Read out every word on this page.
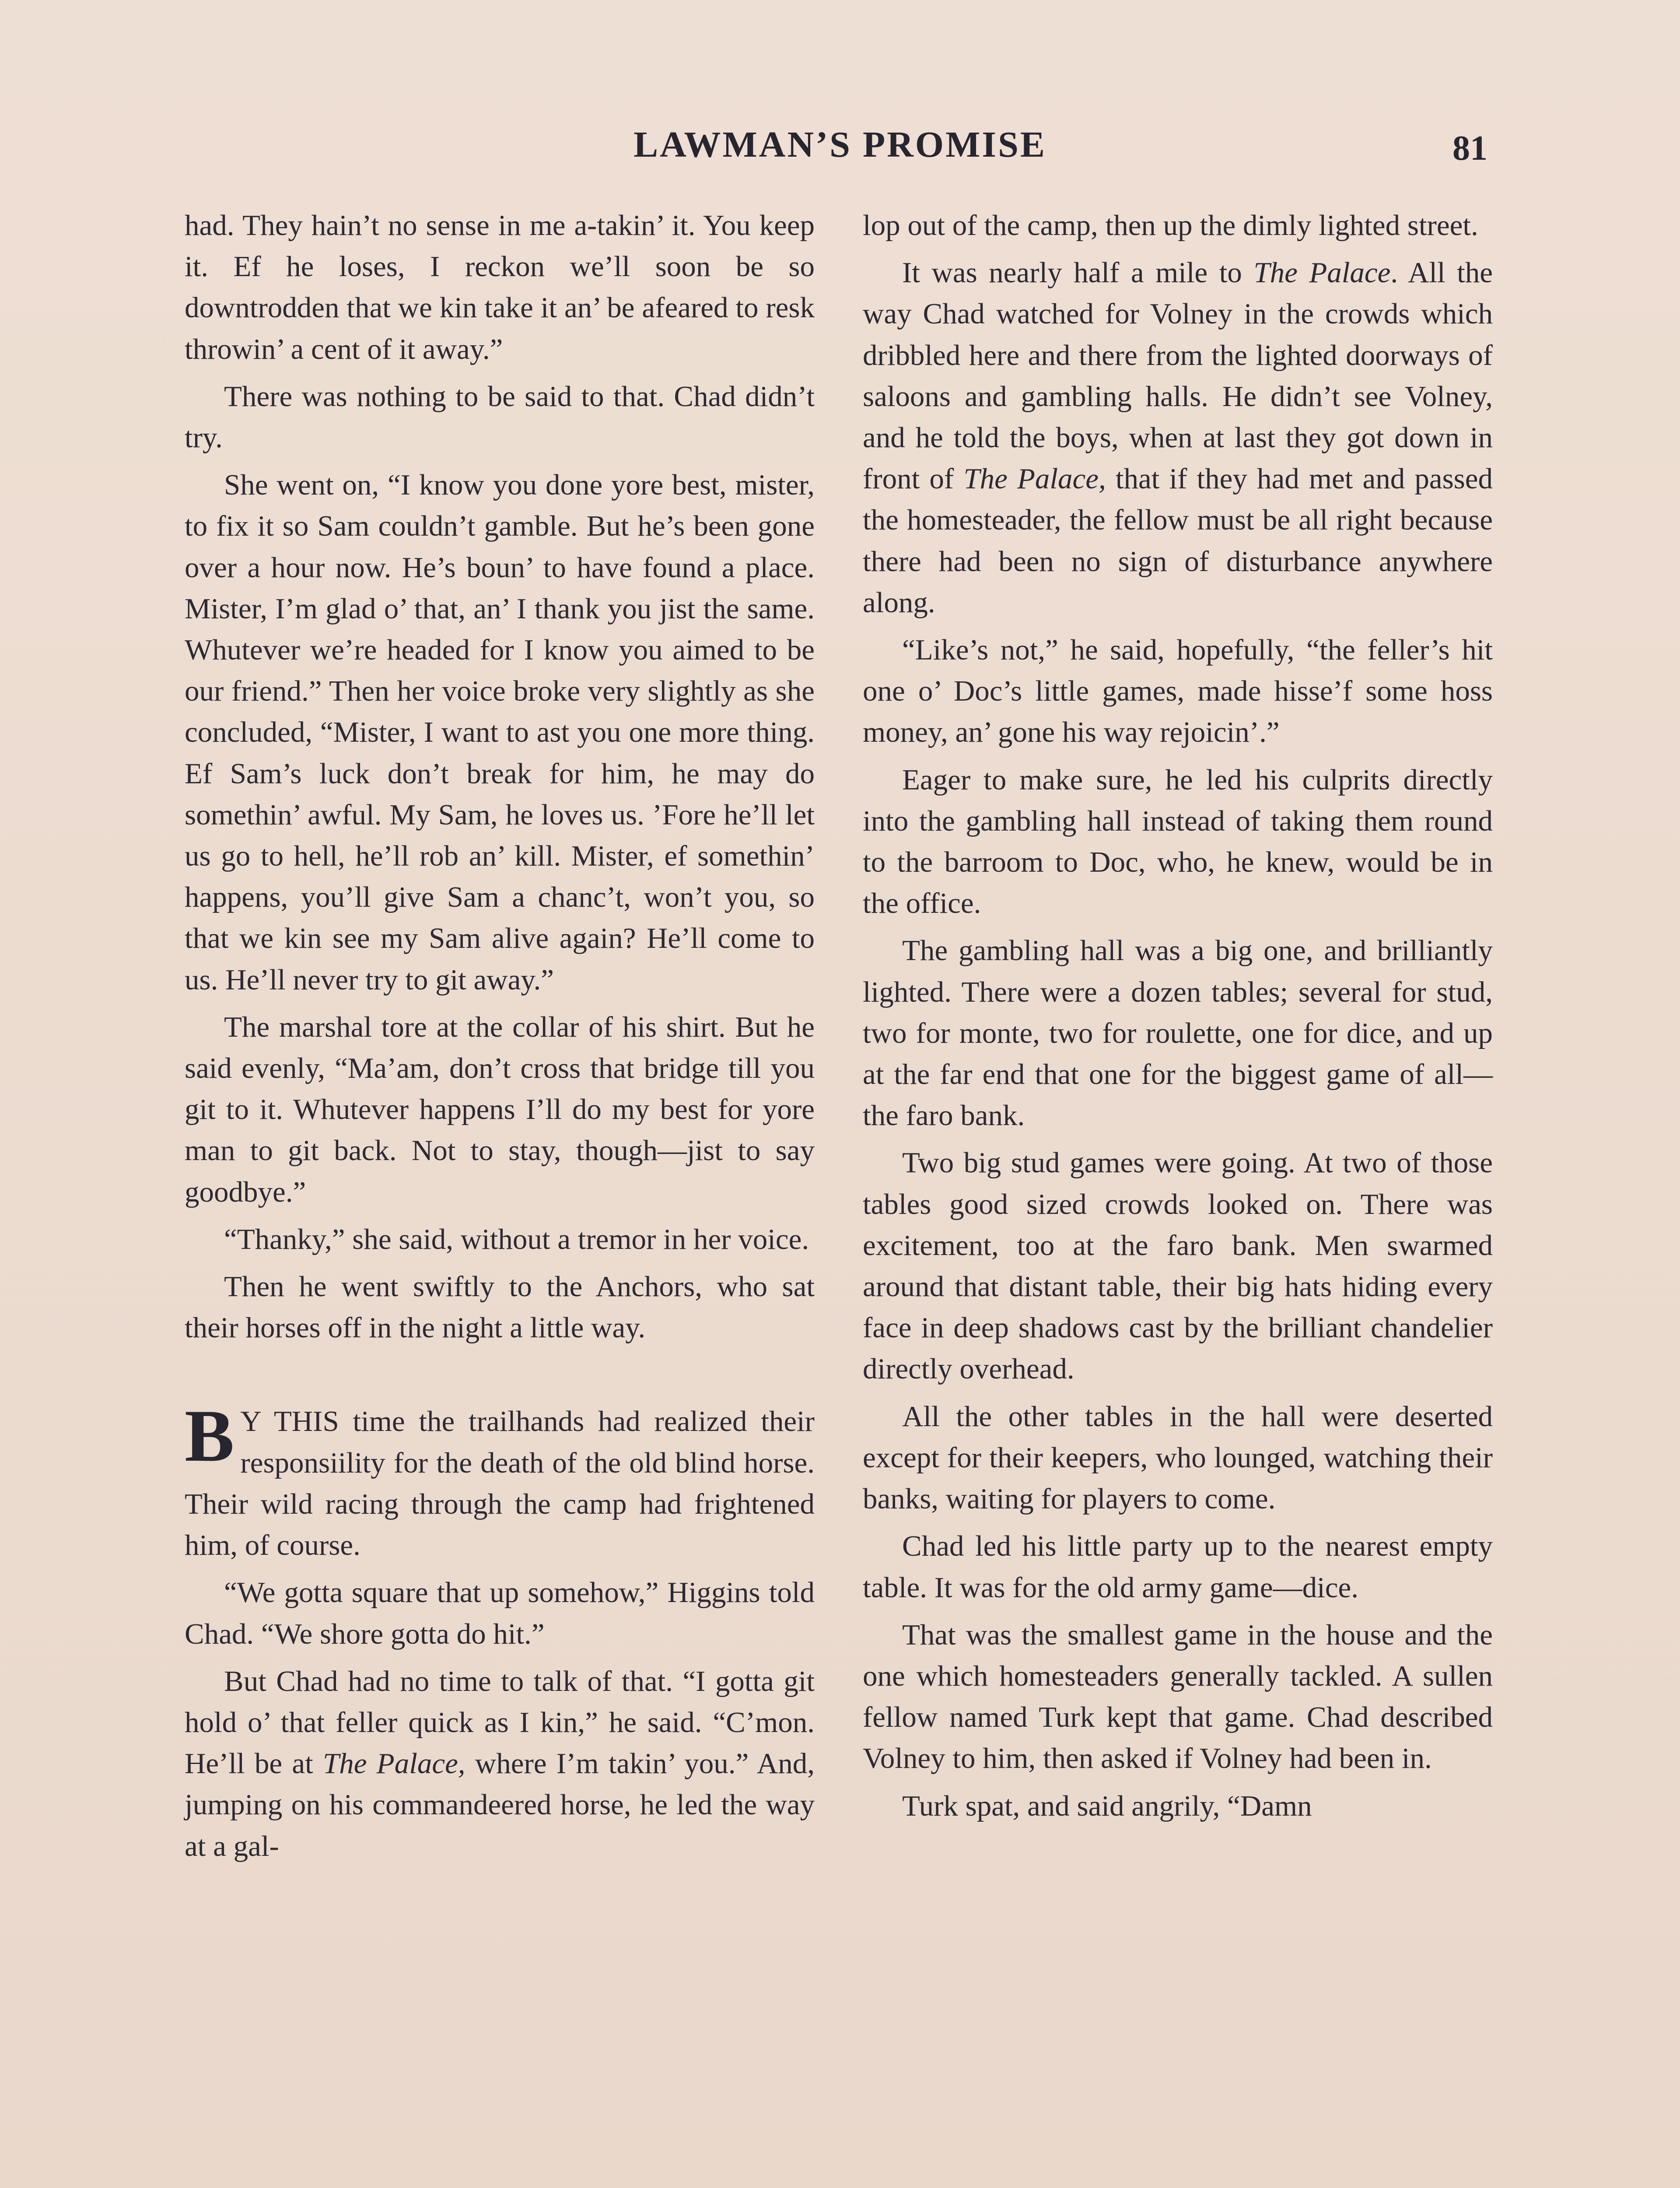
LAWMAN’S PROMISE	81

had. They hain’t no sense in me a-takin’ it. You keep it. Ef he loses, I reckon we’ll soon be so downtrodden that we kin take it an’ be afeared to resk throwin’ a cent of it away.”

There was nothing to be said to that. Chad didn’t try.

She went on, “I know you done yore best, mister, to fix it so Sam couldn’t gamble. But he’s been gone over a hour now. He’s boun’ to have found a place. Mister, I’m glad o’ that, an’ I thank you jist the same. Whutever we’re headed for I know you aimed to be our friend.” Then her voice broke very slightly as she concluded, “Mister, I want to ast you one more thing. Ef Sam’s luck don’t break for him, he may do somethin’ awful. My Sam, he loves us. ’Fore he’ll let us go to hell, he’ll rob an’ kill. Mister, ef somethin’ happens, you’ll give Sam a chanc’t, won’t you, so that we kin see my Sam alive again? He’ll come to us. He’ll never try to git away.”

The marshal tore at the collar of his shirt. But he said evenly, “Ma’am, don’t cross that bridge till you git to it. Whutever happens I’ll do my best for yore man to git back. Not to stay, though—jist to say goodbye.”

“Thanky,” she said, without a tremor in her voice.

Then he went swiftly to the Anchors, who sat their horses off in the night a little way.

B Y THIS time the trailhands had realized their responsiility for the death of the old blind horse. Their wild racing through the camp had frightened him, of course.

“We gotta square that up somehow,” Higgins told Chad. “We shore gotta do hit.”

But Chad had no time to talk of that. “I gotta git hold o’ that feller quick as I kin,” he said. “C’mon. He’ll be at The Palace, where I’m takin’ you.” And, jumping on his commandeered horse, he led the way at a gal-

lop out of the camp, then up the dimly lighted street.

It was nearly half a mile to The Palace. All the way Chad watched for Volney in the crowds which dribbled here and there from the lighted doorways of saloons and gambling halls. He didn’t see Volney, and he told the boys, when at last they got down in front of The Palace, that if they had met and passed the homesteader, the fellow must be all right because there had been no sign of disturbance anywhere along.

“Like’s not,” he said, hopefully, “the feller’s hit one o’ Doc’s little games, made hisse’f some hoss money, an’ gone his way rejoicin’.”

Eager to make sure, he led his culprits directly into the gambling hall instead of taking them round to the barroom to Doc, who, he knew, would be in the office.

The gambling hall was a big one, and brilliantly lighted. There were a dozen tables; several for stud, two for monte, two for roulette, one for dice, and up at the far end that one for the biggest game of all—the faro bank.

Two big stud games were going. At two of those tables good sized crowds looked on. There was excitement, too at the faro bank. Men swarmed around that distant table, their big hats hiding every face in deep shadows cast by the brilliant chandelier directly overhead.

All the other tables in the hall were deserted except for their keepers, who lounged, watching their banks, waiting for players to come.

Chad led his little party up to the nearest empty table. It was for the old army game—dice.

That was the smallest game in the house and the one which homesteaders generally tackled. A sullen fellow named Turk kept that game. Chad described Volney to him, then asked if Volney had been in.

Turk spat, and said angrily, “Damn
